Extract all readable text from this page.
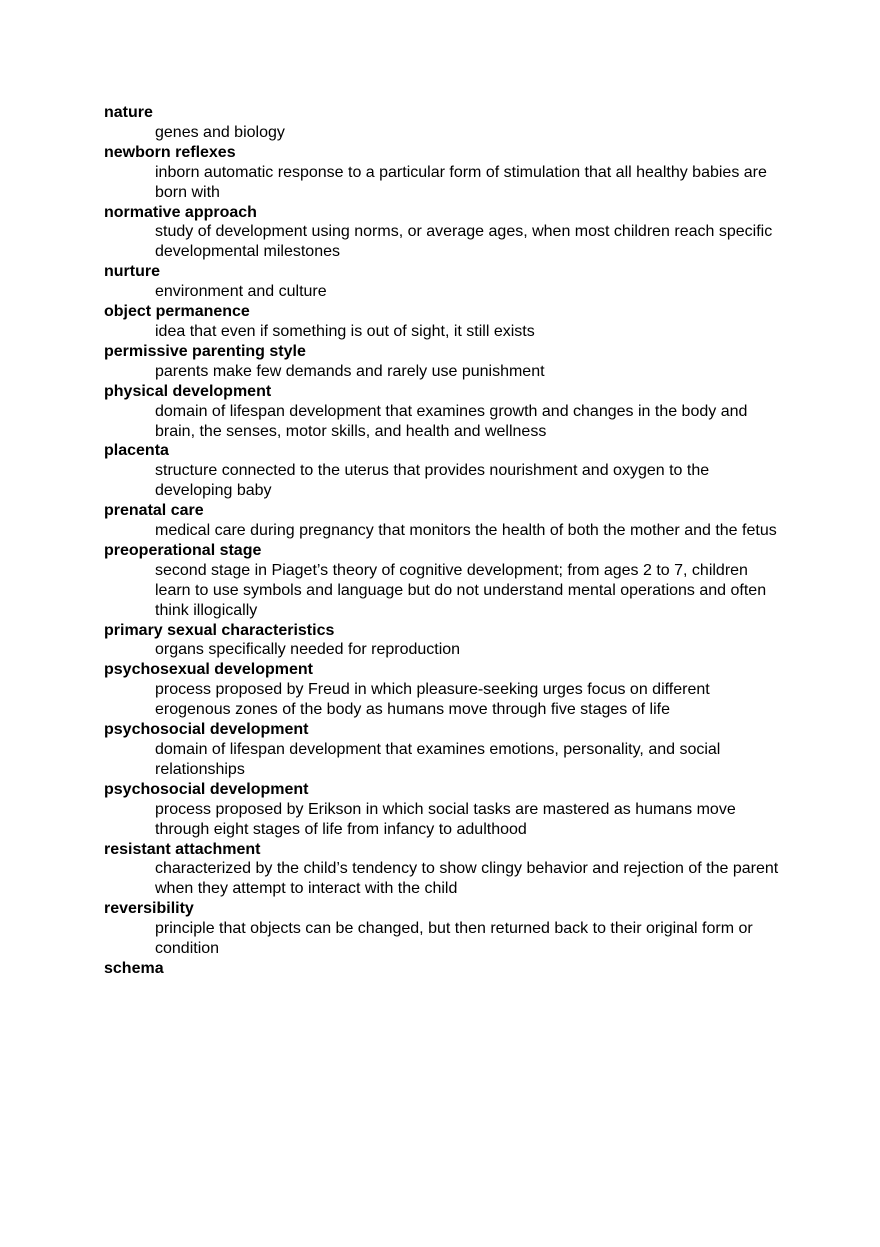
nature
genes and biology
newborn reflexes
inborn automatic response to a particular form of stimulation that all healthy babies are born with
normative approach
study of development using norms, or average ages, when most children reach specific developmental milestones
nurture
environment and culture
object permanence
idea that even if something is out of sight, it still exists
permissive parenting style
parents make few demands and rarely use punishment
physical development
domain of lifespan development that examines growth and changes in the body and brain, the senses, motor skills, and health and wellness
placenta
structure connected to the uterus that provides nourishment and oxygen to the developing baby
prenatal care
medical care during pregnancy that monitors the health of both the mother and the fetus
preoperational stage
second stage in Piaget’s theory of cognitive development; from ages 2 to 7, children learn to use symbols and language but do not understand mental operations and often think illogically
primary sexual characteristics
organs specifically needed for reproduction
psychosexual development
process proposed by Freud in which pleasure-seeking urges focus on different erogenous zones of the body as humans move through five stages of life
psychosocial development
domain of lifespan development that examines emotions, personality, and social relationships
psychosocial development
process proposed by Erikson in which social tasks are mastered as humans move through eight stages of life from infancy to adulthood
resistant attachment
characterized by the child’s tendency to show clingy behavior and rejection of the parent when they attempt to interact with the child
reversibility
principle that objects can be changed, but then returned back to their original form or condition
schema
